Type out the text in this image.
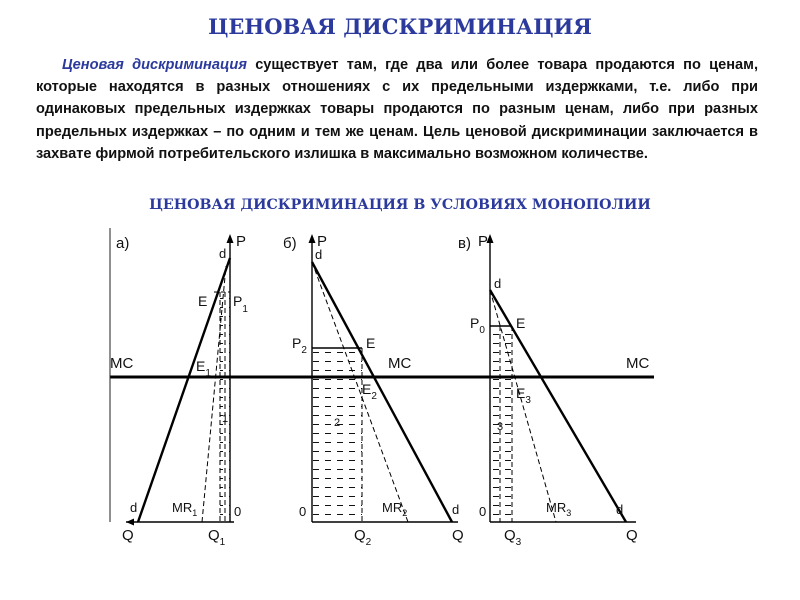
ЦЕНОВАЯ ДИСКРИМИНАЦИЯ
Ценовая дискриминация существует там, где два или более товара продаются по ценам, которые находятся в разных отношениях с их предельными издержками, т.е. либо при одинаковых предельных издержках товары продаются по разным ценам, либо при разных предельных издержках – по одним и тем же ценам. Цель ценовой дискриминации заключается в захвате фирмой потребительского излишка в максимально возможном количестве.
ЦЕНОВАЯ ДИСКРИМИНАЦИЯ В УСЛОВИЯХ МОНОПОЛИИ
MC	MC	MC
а)	P
d
d
E $P_1$
$E_1$
1
$MR_1$	0
Q	$Q_1$
б) P
d
d
$P_2$	E
$E_2$
2
$MR_2$
0
$Q_2$	Q
в) P
d
d
$P_0$ E
$E_3$
3
$MR_3$
0
$Q_3$	Q
